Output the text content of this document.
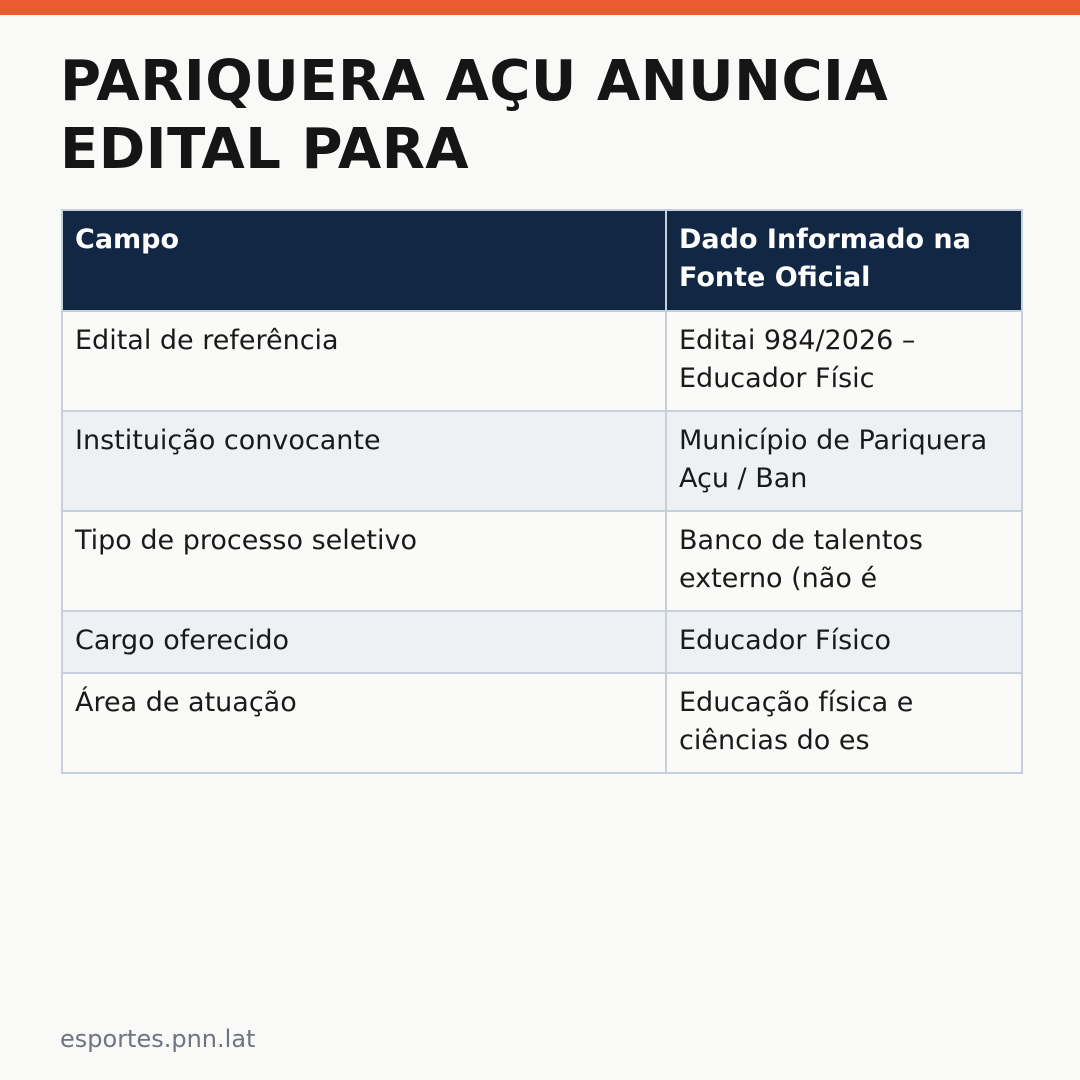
PARIQUERA AÇU ANUNCIA
EDITAL PARA
Campo	Dado Informado na Fonte Oficial
Edital de referência	Editai 984/2026 – Educador Físic
Instituição convocante	Município de Pariquera Açu / Ban
Tipo de processo seletivo	Banco de talentos externo (não é
Cargo oferecido	Educador Físico
Área de atuação	Educação física e ciências do es
esportes.pnn.lat
